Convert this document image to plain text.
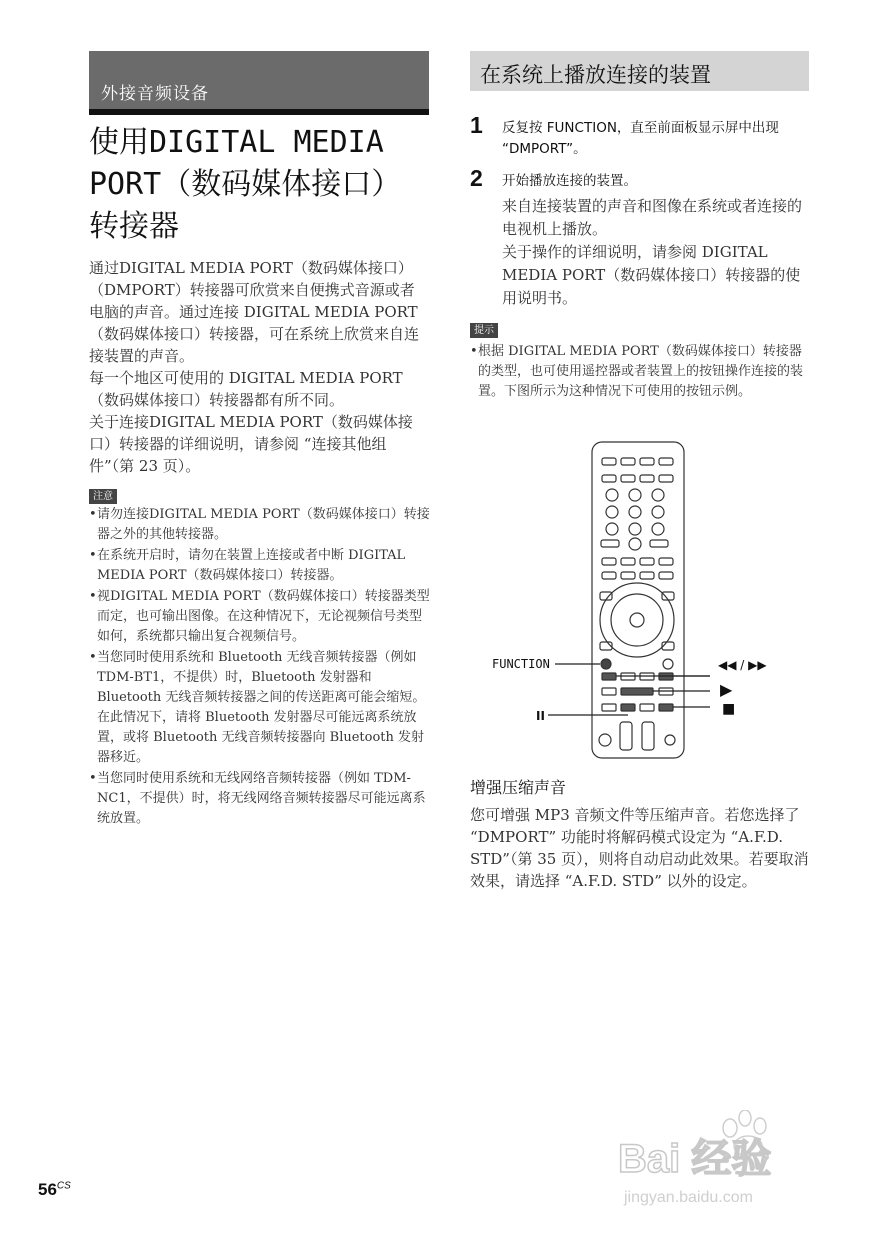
外接音频设备
使用DIGITAL MEDIA
PORT（数码媒体接口）
转接器

通过DIGITAL MEDIA PORT（数码媒体接口）（DMPORT）转接器可欣赏来自便携式音源或者电脑的声音。通过连接 DIGITAL MEDIA PORT（数码媒体接口）转接器，可在系统上欣赏来自连接装置的声音。

每一个地区可使用的 DIGITAL MEDIA PORT（数码媒体接口）转接器都有所不同。

关于连接DIGITAL MEDIA PORT（数码媒体接口）转接器的详细说明，请参阅 “连接其他组件”（第 23 页）。

注意
• 请勿连接DIGITAL MEDIA PORT（数码媒体接口）转接器之外的其他转接器。
• 在系统开启时，请勿在装置上连接或者中断 DIGITAL MEDIA PORT（数码媒体接口）转接器。
• 视DIGITAL MEDIA PORT（数码媒体接口）转接器类型而定，也可输出图像。在这种情况下，无论视频信号类型如何，系统都只输出复合视频信号。
• 当您同时使用系统和 Bluetooth 无线音频转接器（例如 TDM-BT1，不提供）时，Bluetooth 发射器和 Bluetooth 无线音频转接器之间的传送距离可能会缩短。在此情况下，请将 Bluetooth 发射器尽可能远离系统放置，或将 Bluetooth 无线音频转接器向 Bluetooth 发射器移近。
• 当您同时使用系统和无线网络音频转接器（例如 TDM-NC1，不提供）时，将无线网络音频转接器尽可能远离系统放置。
在系统上播放连接的装置
1 反复按 FUNCTION，直至前面板显示屏中出现 “DMPORT”。
2 开始播放连接的装置。

来自连接装置的声音和图像在系统或者连接的电视机上播放。

关于操作的详细说明，请参阅 DIGITAL MEDIA PORT（数码媒体接口）转接器的使用说明书。

提示
• 根据 DIGITAL MEDIA PORT（数码媒体接口）转接器的类型，也可使用遥控器或者装置上的按钮操作连接的装置。下图所示为这种情况下可使用的按钮示例。
FUNCTION	◀◀ / ▶▶
▶
II	■
增强压缩声音
您可增强 MP3 音频文件等压缩声音。若您选择了 “DMPORT” 功能时将解码模式设定为 “A.F.D. STD”（第 35 页），则将自动启动此效果。若要取消效果，请选择 “A.F.D. STD” 以外的设定。
$56^{CS}$
Bai 经验
jingyan.baidu.com
